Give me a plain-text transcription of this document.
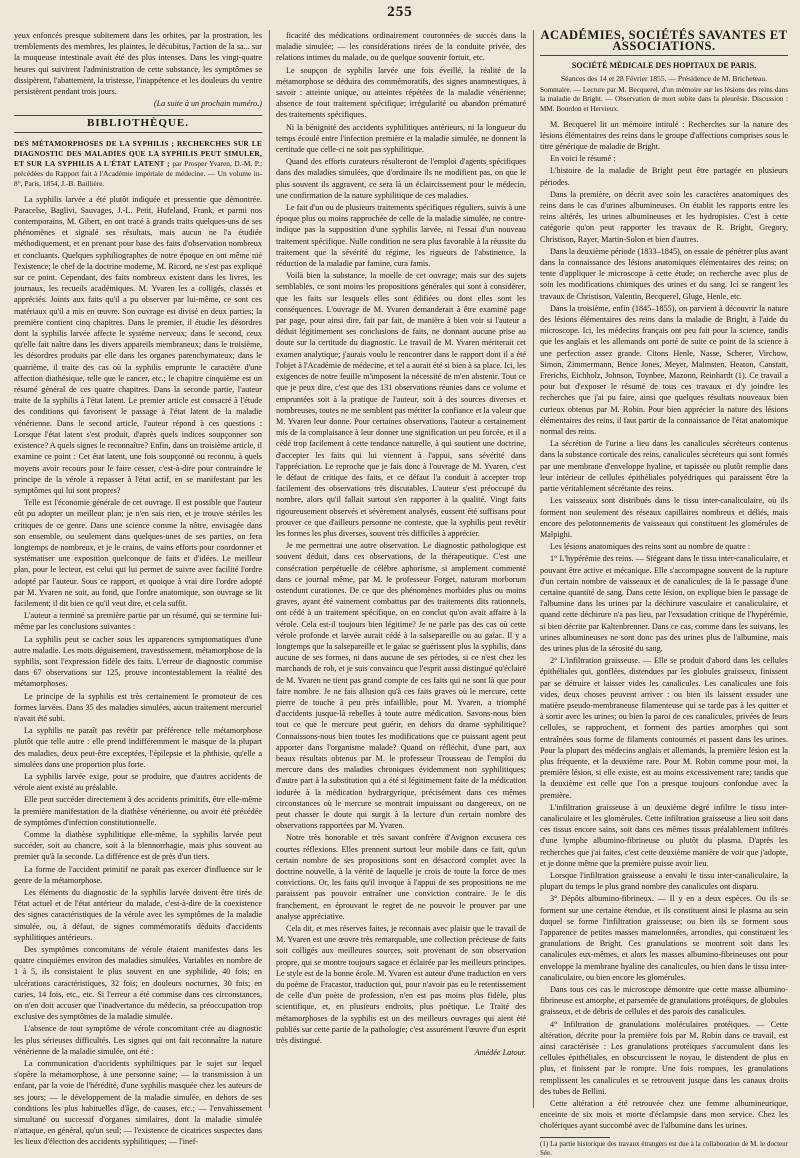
255

yeux enfoncés presque subitement dans les orbites, par la prostration, les tremblements des membres, les plaintes, le décubitus, l'action de la sa... sur la muqueuse intestinale avait été des plus intenses. Dans les vingt-quatre heures qui suivirent l'administration de cette substance, les symptômes se dissipèrent, l'abattement, la tristesse, l'inappétence et les douleurs du ventre persistèrent pendant trois jours.

(La suite à un prochain numéro.)

BIBLIOTHÈQUE.

DES MÉTAMORPHOSES DE LA SYPHILIS ; RECHERCHES SUR LE DIAGNOSTIC DES MALADIES QUE LA SYPHILIS PEUT SIMULER, ET SUR LA SYPHILIS A L'ÉTAT LATENT ; par Prosper Yvaren, D.-M. P.; précédées du Rapport fait à l'Académie impériale de médecine. — Un volume in-8°, Paris, 1854, J.-B. Baillière.

La syphilis larvée a été plutôt indiquée et pressentie que démontrée. Paracelse, Baglivi, Sauvages, J.-L. Petit, Hufeland, Frank, et parmi nos contemporains, M. Gibert, en ont tracé à grands traits quelques-uns de ses phénomènes et signalé ses résultats, mais aucun ne l'a étudiée méthodiquement, et en prenant pour base des faits d'observation nombreux et concluants. Quelques syphiliographes de notre époque en ont même nié l'existence; le chef de la doctrine moderne, M. Ricord, ne s'est pas expliqué sur ce point. Cependant, des faits nombreux existent dans les livres, les journaux, les recueils académiques. M. Yvaren les a colligés, classés et appréciés. Joints aux faits qu'il a pu observer par lui-même, ce sont ces matériaux qu'il a mis en œuvre. Son ouvrage est divisé en deux parties; la première contient cinq chapitres. Dans le premier, il étudie les désordres dont la syphilis larvée affecte le système nerveux; dans le second, ceux qu'elle fait naître dans les divers appareils membraneux; dans le troisième, les désordres produits par elle dans les organes parenchymateux; dans le quatrième, il traite des cas où la syphilis emprunte le caractère d'une affection diathésique, telle que le cancer, etc.; le chapitre cinquième est un résumé général de ces quatre chapitres. Dans la seconde partie, l'auteur traite de la syphilis à l'état latent. Le premier article est consacré à l'étude des conditions qui favorisent le passage à l'état latent de la maladie vénérienne. Dans le second article, l'auteur répond à ces questions : Lorsque l'état latent s'est produit, d'après quels indices soupçonner son existence? A quels signes le reconnaître? Enfin, dans un troisième article, il examine ce point : Cet état latent, une fois soupçonné ou reconnu, à quels moyens avoir recours pour le faire cesser, c'est-à-dire pour contraindre le principe de la vérole à repasser à l'état actif, en se manifestant par les symptômes qui lui sont propres?

Telle est l'économie générale de cet ouvrage. Il est possible que l'auteur eût pu adopter un meilleur plan; je n'en sais rien, et je trouve stériles les critiques de ce genre. Dans une science comme la nôtre, envisagée dans son ensemble, ou seulement dans quelques-unes de ses parties, on fera longtemps de nombreux, et je le crains, de vains efforts pour coordonner et systématiser une exposition quelconque de faits et d'idées. Le meilleur plan, pour le lecteur, est celui qui lui permet de suivre avec facilité l'ordre adopté par l'auteur. Sous ce rapport, et quoique à vrai dire l'ordre adopté par M. Yvaren ne soit, au fond, que l'ordre anatomique, son ouvrage se lit facilement; il dit bien ce qu'il veut dire, et cela suffit.

L'auteur a terminé sa première partie par un résumé, qui se termine lui-même par les conclusions suivantes :

La syphilis peut se cacher sous les apparences symptomatiques d'une autre maladie. Les mots déguisement, travestissement, métamorphose de la syphilis, sont l'expression fidèle des faits. L'erreur de diagnostic commise dans 67 observations sur 125, prouve incontestablement la réalité des métamorphoses.

Le principe de la syphilis est très certainement le promoteur de ces formes larvées. Dans 35 des maladies simulées, aucun traitement mercuriel n'avait été subi.

La syphilis ne paraît pas revêtir par préférence telle métamorphose plutôt que telle autre : elle prend indifféremment le masque de la plupart des maladies, deux peut-être exceptées, l'épilepsie et la phthisie, qu'elle a simulées dans une proportion plus forte.

La syphilis larvée exige, pour se produire, que d'autres accidents de vérole aient existé au préalable.

Elle peut succéder directement à des accidents primitifs, être elle-même la première manifestation de la diathèse vénérienne, ou avoir été précédée de symptômes d'infection constitutionnelle.

Comme la diathèse syphilitique elle-même, la syphilis larvée peut succéder, soit au chancre, soit à la blennorrhagie, mais plus souvent au premier qu'à la seconde. La différence est de près d'un tiers.

La forme de l'accident primitif ne paraît pas exercer d'influence sur le genre de la métamorphose.

Les éléments du diagnostic de la syphilis larvée doivent être tirés de l'état actuel et de l'état antérieur du malade, c'est-à-dire de la coexistence des signes caractéristiques de la vérole avec les symptômes de la maladie simulée, ou, à défaut, de signes commémoratifs déduits d'accidents syphilitiques antérieurs.

Des symptômes concomitans de vérole étaient manifestes dans les quatre cinquièmes environ des maladies simulées. Variables en nombre de 1 à 5, ils consistaient le plus souvent en une syphilide, 40 fois; en ulcérations caractéristiques, 32 fois; en douleurs nocturnes, 30 fois; en caries, 14 fois, etc., etc. Si l'erreur a été commise dans ces circonstances, on n'en doit accuser que l'inadvertance du médecin, sa préoccupation trop exclusive des symptômes de la maladie simulée.

L'absence de tout symptôme de vérole concomitant crée au diagnostic les plus sérieuses difficultés. Les signes qui ont fait reconnaître la nature vénérienne de la maladie simulée, ont été :

La communication d'accidents syphilitiques par le sujet sur lequel s'opère la métamorphose, à une personne saine; — la transmission à un enfant, par la voie de l'hérédité, d'une syphilis masquée chez les auteurs de ses jours; — le développement de la maladie simulée, en dehors de ses conditions les plus habituelles d'âge, de causes, etc.; — l'envahissement simultané ou successif d'organes similaires, dont la maladie simulée n'attaque, en général, qu'un seul; — l'existence de cicatrices suspectes dans les lieux d'élection des accidents syphilitiques; — l'inef-

ficacité des médications ordinairement couronnées de succès dans la maladie simulée; — les considérations tirées de la conduite privée, des relations intimes du malade, ou de quelque souvenir fortuit, etc.

Le soupçon de syphilis larvée une fois éveillé, la réalité de la métamorphose se déduira des commémoratifs, des signes anamnestiques, à savoir : atteinte unique, ou atteintes répétées de la maladie vénérienne; absence de tout traitement spécifique; irrégularité ou abandon prématuré des traitements spécifiques.

Ni la bénignité des accidents syphilitiques antérieurs, ni la longueur du temps écoulé entre l'infection première et la maladie simulée, ne donnent la certitude que celle-ci ne soit pas syphilitique.

Quand des efforts curateurs résulteront de l'emploi d'agents spécifiques dans des maladies simulées, que d'ordinaire ils ne modifient pas, on que le plus souvent ils aggravent, ce sera là un éclaircissement pour le médecin, une confirmation de la nature syphilitique de ces maladies.

Le fait d'un ou de plusieurs traitements spécifiques réguliers, suivis à une époque plus ou moins rapprochée de celle de la maladie simulée, ne contre-indique pas la supposition d'une syphilis larvée, ni l'essai d'un nouveau traitement spécifique. Nulle condition ne sera plus favorable à la réussite du traitement que la sévérité du régime, les rigueurs de l'abstinence, la réduction de la maladie par famine, cura famis.

Voilà bien la substance, la moelle de cet ouvrage; mais sur des sujets semblables, ce sont moins les propositions générales qui sont à considérer, que les faits sur lesquels elles sont édifiées ou dont elles sont les conséquences. L'ouvrage de M. Yvaren demanderait à être examiné page par page, pour ainsi dire, fait par fait, de manière à bien voir si l'auteur a déduit légitimement ses conclusions de faits, ne donnant aucune prise au doute sur la certitude du diagnostic. Le travail de M. Yvaren mériterait cet examen analytique; j'aurais voulu le rencontrer dans le rapport dont il a été l'objet à l'Académie de médecine, et tel a aurait été si bien à sa place. Ici, les exigences de notre feuille m'imposent la nécessité de m'en abstenir. Tout ce que je peux dire, c'est que des 131 observations réunies dans ce volume et empruntées soit à la pratique de l'auteur, soit à des sources diverses et nombreuses, toutes ne me semblent pas mériter la confiance et la valeur que M. Yvaren leur donne. Pour certaines observations, l'auteur a certainement mis de la complaisance à leur donner une signification un peu forcée, et il a cédé trop facilement à cette tendance naturelle, à qui soutient une doctrine, d'accepter les faits qui lui viennent à l'appui, sans sévérité dans l'appréciation. Le reproche que je fais donc à l'ouvrage de M. Yvaren, c'est le défaut de critique des faits, et ce défaut l'a conduit à accepter trop facilement des observations très discutables. L'auteur s'est préoccupé du nombre, alors qu'il fallait surtout s'en rapporter à la qualité. Vingt faits rigoureusement observés et sévèrement analysés, eussent été suffisans pour prouver ce que d'ailleurs personne ne conteste, que la syphilis peut revêtir les formes les plus diverses, souvent très difficiles à apprécier.

Je me permettrai une autre observation. Le diagnostic pathologique est souvent déduit, dans ces observations, de la thérapeutique. C'est une consécration perpétuelle de célèbre aphorisme, si amplement commenté dans ce journal même, par M. le professeur Forget, naturam morborum ostendunt curationes. De ce que des phénomènes morbides plus ou moins graves, ayant été vainement combattus par des traitements dits rationnels, ont cédé à un traitement spécifique, on en conclut qu'on avait affaire à la vérole. Cela est-il toujours bien légitime? Je ne parle pas des cas où cette vérole profonde et larvée aurait cédé à la salsepareille ou au gaïac. Il y a longtemps que la salsepareille et le gaïac se guérissent plus la syphilis, dans aucune de ses formes, ni dans aucune de ses périodes, si ce n'est chez les marchands de rob, et je suis convaincu que l'esprit aussi distingué qu'éclairé de M. Yvaren ne tient pas grand compte de ces faits qui ne sont là que pour faire nombre. Je ne fais allusion qu'à ces faits graves où le mercure, cette pierre de touche à peu près infaillible, pour M. Yvaren, a triomphé d'accidents jusque-là rebelles à toute autre médication. Savons-nous bien tout ce que le mercure peut guérir, en dehors du drame syphilitique? Connaissons-nous bien toutes les modifications que ce puissant agent peut apporter dans l'organisme malade? Quand on réfléchit, d'une part, aux beaux résultats obtenus par M. le professeur Trousseau de l'emploi du mercure dans des maladies chroniques évidemment non syphilitiques; d'autre part à la substitution qui a été si légitimement faite de la médication iodurée à la médication hydrargyrique, précisément dans ces mêmes circonstances où le mercure se montrait impuissant ou dangereux, on ne peut chasser le doute qui surgit à la lecture d'un certain nombre des observations rapportées par M. Yvaren.

Notre très honorable et très savant confrère d'Avignon excusera ces courtes réflexions. Elles prennent surtout leur mobile dans ce fait, qu'un certain nombre de ses propositions sont en désaccord complet avec la doctrine nouvelle, à la vérité de laquelle je crois de toute la force de mes convictions. Or, les faits qu'il invoque à l'appui de ses propositions ne me paraissent pas pouvoir entraîner une conviction contraire. Je le dis franchement, en éprouvant le regret de ne pouvoir le prouver par une analyse appréciative.

Cela dit, et mes réserves faites, je reconnais avec plaisir que le travail de M. Yvaren est une œuvre très remarquable, une collection précieuse de faits soit colligés aux meilleures sources, soit provenant de son observation propre, qui se montre toujours sagace et éclairée par les meilleurs principes. Le style est de la bonne école. M. Yvaren est auteur d'une traduction en vers du poème de Fracastor, traduction qui, pour n'avoir pas eu le retentissement de celle d'un poète de profession, n'en est pas moins plus fidèle, plus scientifique, et, en plusieurs endroits, plus poétique. Le Traité des métamorphoses de la syphilis est un des meilleurs ouvrages qui aient été publiés sur cette partie de la pathologie; c'est assurément l'œuvre d'un esprit très distingué.

Amédée Latour.

ACADÉMIES, SOCIÉTÉS SAVANTES ET ASSOCIATIONS.

SOCIÉTÉ MÉDICALE DES HOPITAUX DE PARIS.

Séances des 14 et 28 Février 1855. — Présidence de M. Bricheteau.

Sommaire. — Lecture par M. Becquerel, d'un mémoire sur les lésions des reins dans la maladie de Bright. — Observation de mort subite dans la pleurésie. Discussion : MM. Bourdon et Hervieux.

M. Becquerel lit un mémoire intitulé : Recherches sur la nature des lésions élémentaires des reins dans le groupe d'affections comprises sous le titre générique de maladie de Bright.

En voici le résumé :

L'histoire de la maladie de Bright peut être partagée en plusieurs périodes.

Dans la première, on décrit avec soin les caractères anatomiques des reins dans le cas d'urines albumineuses. On établit les rapports entre les reins altérés, les urines albumineuses et les hydropisies. C'est à cette catégorie qu'on peut rapporter les travaux de R. Bright, Gregory, Christison, Rayer, Martin-Solon et bien d'autres.

Dans la deuxième période (1833–1845), on essaie de pénétrer plus avant dans la connaissance des lésions anatomiques élémentaires des reins; on tente d'appliquer le microscope à cette étude; on recherche avec plus de soin les modifications chimiques des urines et du sang. Ici se rangent les travaux de Christison, Valentin, Becquerel, Gluge, Henle, etc.

Dans la troisième, enfin (1845–1855), on parvient à découvrir la nature des lésions élémentaires des reins dans la maladie de Bright, à l'aide du microscope. Ici, les médecins français ont peu fait pour la science, tandis que les anglais et les allemands ont porté de suite ce point de la science à une perfection assez grande. Citons Henle, Nasse, Scherer, Virchow, Simon, Zimmermann, Bence Jones, Meyer, Malmsten, Heaton, Canstatt, Frerichs, Eichholz, Johnson, Toynbee, Mazonn, Reinhardt (1). Ce travail a pour but d'exposer le résumé de tous ces travaux et d'y joindre les recherches que j'ai pu faire, ainsi que quelques résultats nouveaux bien curieux obtenus par M. Robin. Pour bien apprécier la nature des lésions élémentaires des reins, il faut partir de la connaissance de l'état anatomique normal des reins.

La sécrétion de l'urine a lieu dans les canalicules sécréteurs contenus dans la substance corticale des reins, canalicules sécréteurs qui sont formés par une membrane d'enveloppe hyaline, et tapissée ou plutôt remplie dans leur intérieur de cellules épithéliales polyédriques qui paraissent être la partie véritablement sécrétante des reins.

Les vaisseaux sont distribués dans le tissu inter-canaliculaire, où ils forment non seulement des réseaux capillaires nombreux et déliés, mais encore des pelotonnements de vaisseaux qui constituent les glomérules de Malpighi.

Les lésions anatomiques des reins sont au nombre de quatre :

1° L'hypérémie des reins. — Siégeant dans le tissu inter-canaliculaire, et pouvant être active et mécanique. Elle s'accompagne souvent de la rupture d'un certain nombre de vaisseaux et de canalicules; de là le passage d'une certaine quantité de sang. Dans cette lésion, on explique bien le passage de l'albumine dans les urines par la déchirure vasculaire et canaliculaire, et quand cette déchirure n'a pas lieu, par l'exsudation critique de l'hypérémie, si bien décrite par Kaltenbrenner. Dans ce cas, comme dans les suivans, les urines albumineuses ne sont donc pas des urines plus de l'albumine, mais des urines plus de la sérosité du sang.

2° L'infiltration graisseuse. — Elle se produit d'abord dans les cellules épithéliales qui, gonflées, distendues par les globules graisseux, finissent par se détruire et laisser vides les canalicules. Les canalicules une fois vides, deux choses peuvent arriver : ou bien ils laissent exsuder une matière pseudo-membraneuse filamenteuse qui se tarde pas à les quitter et à sortir avec les urines; ou bien la paroi de ces canalicules, privées de leurs cellules, se rapprochent, et forment des parties amorphes qui sont entraînées sous forme de filaments contournés et passent dans les urines. Pour la plupart des médecins anglais et allemands, la première lésion est la plus fréquente, et la deuxième rare. Pour M. Robin comme pour moi, la première lésion, si elle existe, est au moins excessivement rare; tandis que la deuxième est celle que l'on a presque toujours confondue avec la première.

L'infiltration graisseuse à un deuxième degré infiltre le tissu inter-canaliculaire et les glomérules. Cette infiltration graisseuse a lieu soit dans ces tissus encore sains, soit dans ces mêmes tissus préalablement infiltrés d'une lymphe albumino-fibrineuse ou plutôt du plasma. D'après les recherches que j'ai faites, c'est cette deuxième manière de voir que j'adopte, et je donne même que la première puisse avoir lieu.

Lorsque l'infiltration graisseuse a envahi le tissu inter-canaliculaire, la plupart du temps le plus grand nombre des canalicules ont disparu.

3° Dépôts albumino-fibrineux. — Il y en a deux espèces. Ou ils se forment sur une certaine étendue, et ils constituent ainsi le plasma au sein duquel se forme l'infiltration graisseuse; ou bien ils se forment sous l'apparence de petites masses mamelonnées, arrondies, qui constituent les granulations de Bright. Ces granulations se montrent soit dans les canalicules eux-mêmes, et alors les masses albumino-fibrineuses ont pour enveloppe la membrane hyaline des canalicules, ou bien dans le tissu inter-canaliculaire, ou bien encore les glomérules.

Dans tous ces cas le microscope démontre que cette masse albumino-fibrineuse est amorphe, et parsemée de granulations protéiques, de globules graisseux, et de débris de cellules et des parois des canalicules.

4° Infiltration de granulations moléculaires protéiques. — Cette altération, décrite pour la première fois par M. Robin dans ce travail, est ainsi caractérisée : Les granulations protéiques s'accumulent dans les cellules épithéliales, en obscurcissent le noyau, le distendent de plus en plus, et finissent par le rompre. Une fois rompues, les granulations remplissent les canalicules et se retrouvent jusque dans les canaux droits des tubes de Bellini.

Cette altération a été retrouvée chez une femme albumineurique, enceinte de six mois et morte d'éclampsie dans mon service. Chez les cholériques ayant succombé avec de l'albumine dans les urines.

(1) La partie historique des travaux étrangers est due à la collaboration de M. le docteur Sée.
